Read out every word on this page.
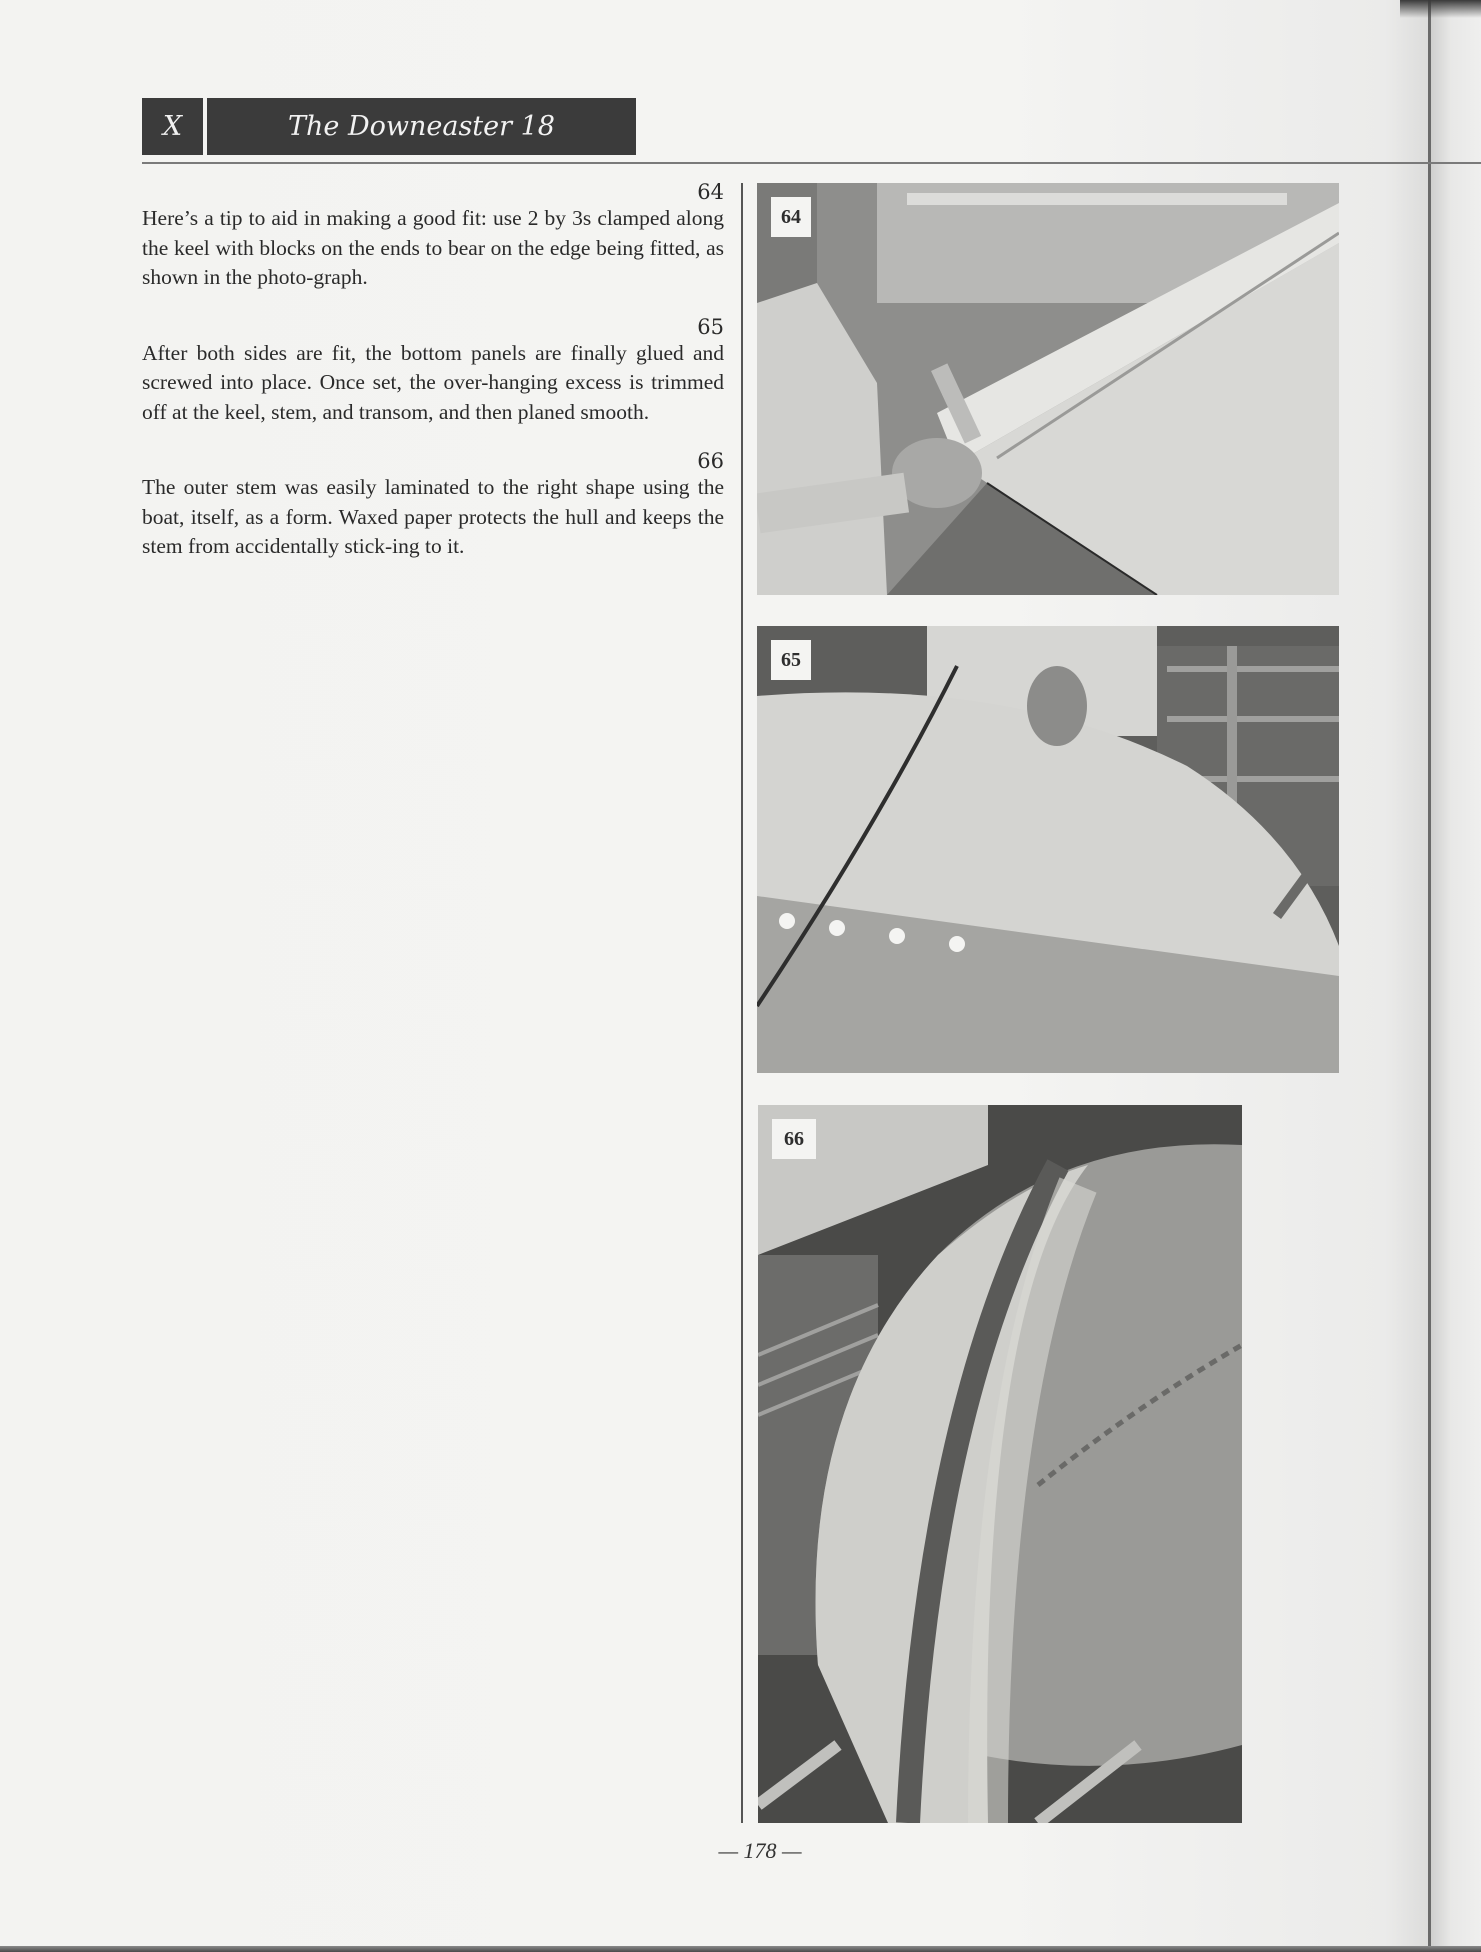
X	The Downeaster 18

64

Here’s a tip to aid in making a good fit: use 2 by 3s clamped along the keel with blocks on the ends to bear on the edge being fitted, as shown in the photo-graph.

65

After both sides are fit, the bottom panels are finally glued and screwed into place. Once set, the over-hanging excess is trimmed off at the keel, stem, and transom, and then planed smooth.

66

The outer stem was easily laminated to the right shape using the boat, itself, as a form. Waxed paper protects the hull and keeps the stem from accidentally stick-ing to it.

64
65
66
— 178 —
